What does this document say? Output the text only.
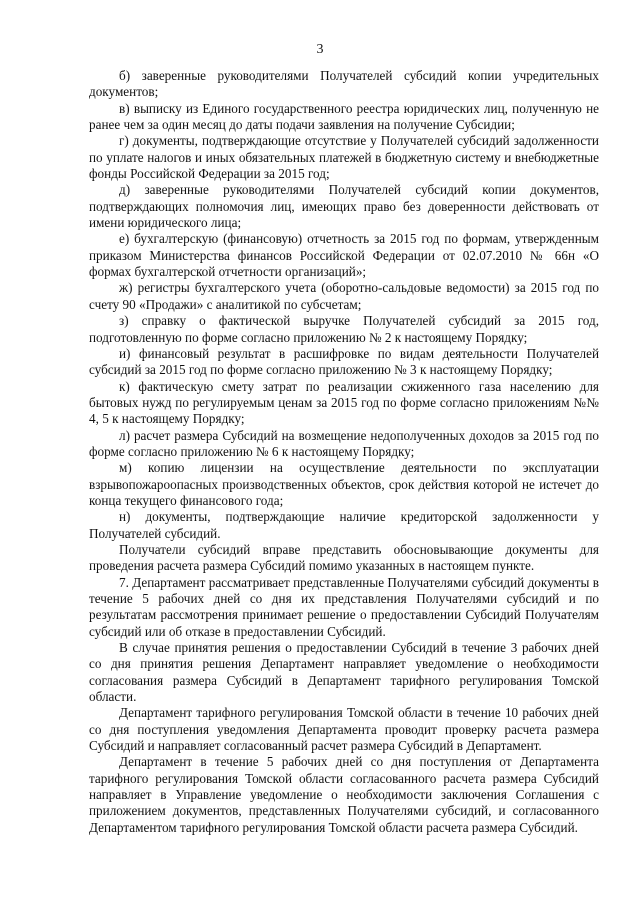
3

б) заверенные руководителями Получателей субсидий копии учредительных документов;

в) выписку из Единого государственного реестра юридических лиц, полученную не ранее чем за один месяц до даты подачи заявления на получение Субсидии;

г) документы, подтверждающие отсутствие у Получателей субсидий задолженности по уплате налогов и иных обязательных платежей в бюджетную систему и внебюджетные фонды Российской Федерации за 2015 год;

д) заверенные руководителями Получателей субсидий копии документов, подтверждающих полномочия лиц, имеющих право без доверенности действовать от имени юридического лица;

е) бухгалтерскую (финансовую) отчетность за 2015 год по формам, утвержденным приказом Министерства финансов Российской Федерации от 02.07.2010 № 66н «О формах бухгалтерской отчетности организаций»;

ж) регистры бухгалтерского учета (оборотно-сальдовые ведомости) за 2015 год по счету 90 «Продажи» с аналитикой по субсчетам;

з) справку о фактической выручке Получателей субсидий за 2015 год, подготовленную по форме согласно приложению № 2 к настоящему Порядку;

и) финансовый результат в расшифровке по видам деятельности Получателей субсидий за 2015 год по форме согласно приложению № 3 к настоящему Порядку;

к) фактическую смету затрат по реализации сжиженного газа населению для бытовых нужд по регулируемым ценам за 2015 год по форме согласно приложениям №№ 4, 5 к настоящему Порядку;

л) расчет размера Субсидий на возмещение недополученных доходов за 2015 год по форме согласно приложению № 6 к настоящему Порядку;

м) копию лицензии на осуществление деятельности по эксплуатации взрывопожароопасных производственных объектов, срок действия которой не истечет до конца текущего финансового года;

н) документы, подтверждающие наличие кредиторской задолженности у Получателей субсидий.

Получатели субсидий вправе представить обосновывающие документы для проведения расчета размера Субсидий помимо указанных в настоящем пункте.

7. Департамент рассматривает представленные Получателями субсидий документы в течение 5 рабочих дней со дня их представления Получателями субсидий и по результатам рассмотрения принимает решение о предоставлении Субсидий Получателям субсидий или об отказе в предоставлении Субсидий.

В случае принятия решения о предоставлении Субсидий в течение 3 рабочих дней со дня принятия решения Департамент направляет уведомление о необходимости согласования размера Субсидий в Департамент тарифного регулирования Томской области.

Департамент тарифного регулирования Томской области в течение 10 рабочих дней со дня поступления уведомления Департамента проводит проверку расчета размера Субсидий и направляет согласованный расчет размера Субсидий в Департамент.

Департамент в течение 5 рабочих дней со дня поступления от Департамента тарифного регулирования Томской области согласованного расчета размера Субсидий направляет в Управление уведомление о необходимости заключения Соглашения с приложением документов, представленных Получателями субсидий, и согласованного Департаментом тарифного регулирования Томской области расчета размера Субсидий.
